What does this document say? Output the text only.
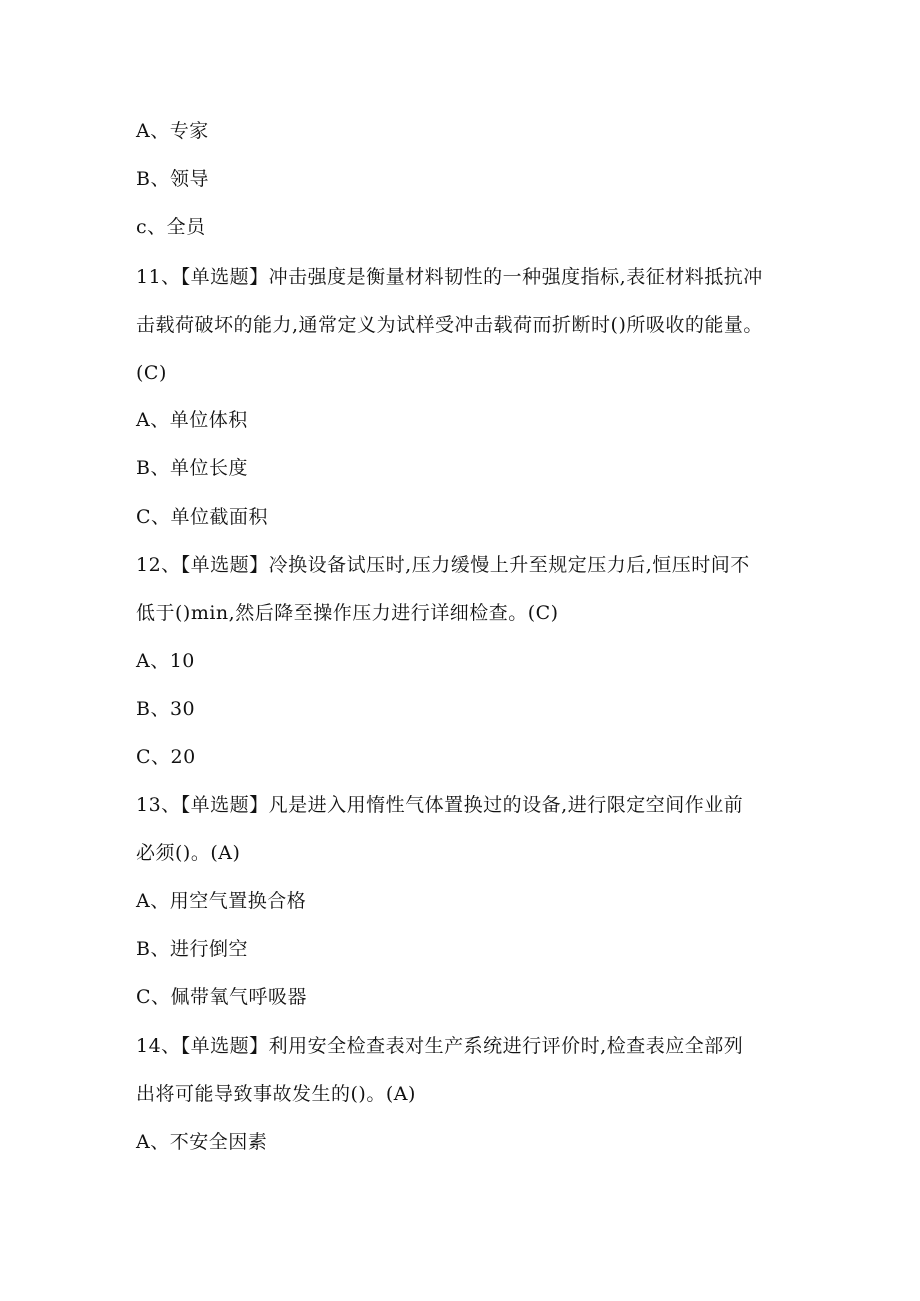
A、专家
B、领导
c、全员
11、【单选题】冲击强度是衡量材料韧性的一种强度指标,表征材料抵抗冲
击载荷破坏的能力,通常定义为试样受冲击载荷而折断时()所吸收的能量。
(C)
A、单位体积
B、单位长度
C、单位截面积
12、【单选题】冷换设备试压时,压力缓慢上升至规定压力后,恒压时间不
低于()min,然后降至操作压力进行详细检查。(C)
A、10
B、30
C、20
13、【单选题】凡是进入用惰性气体置换过的设备,进行限定空间作业前
必须()。(A)
A、用空气置换合格
B、进行倒空
C、佩带氧气呼吸器
14、【单选题】利用安全检查表对生产系统进行评价时,检查表应全部列
出将可能导致事故发生的()。(A)
A、不安全因素
